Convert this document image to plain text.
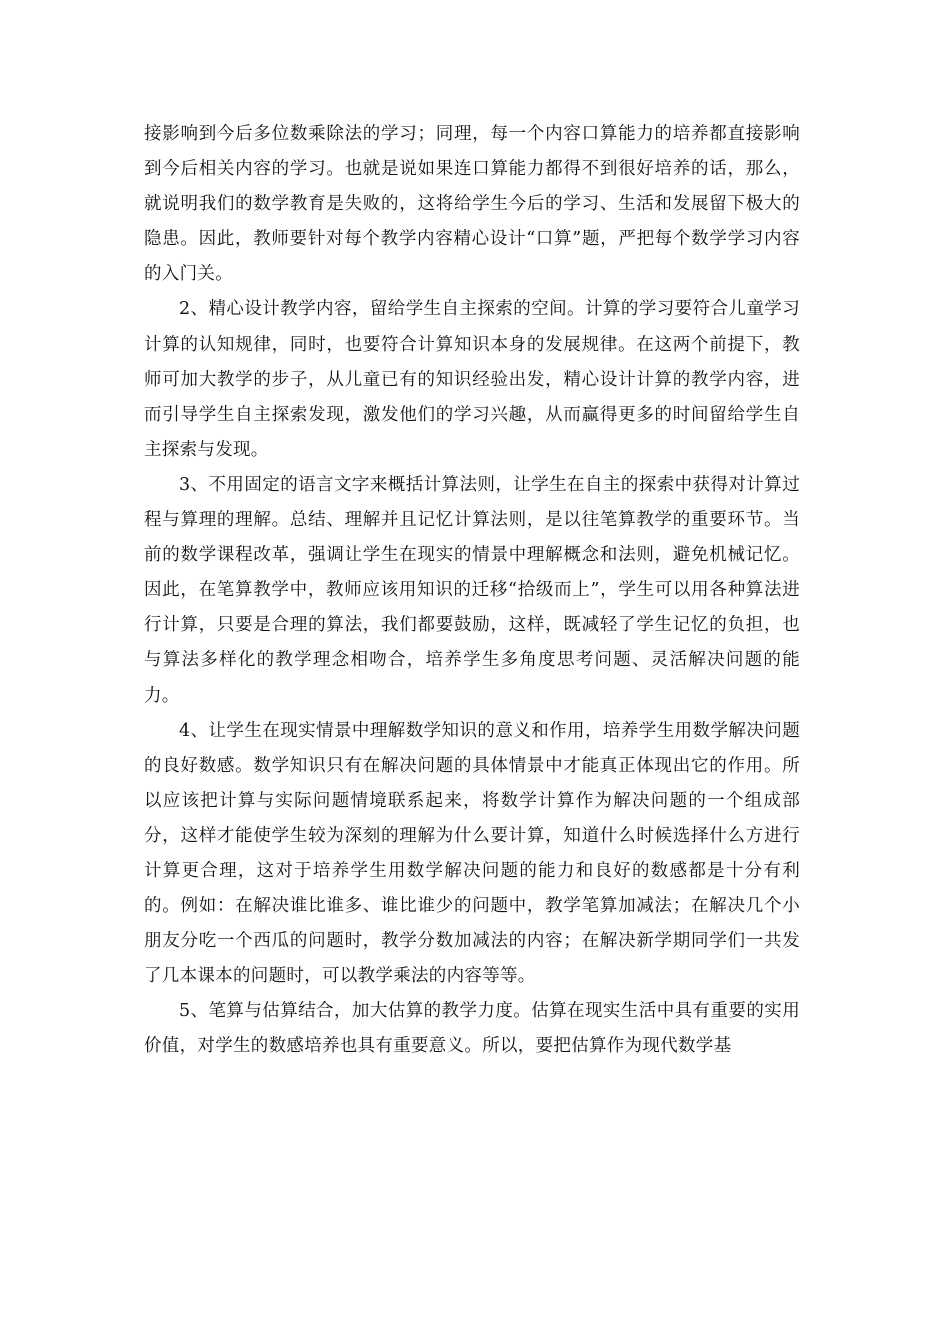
接影响到今后多位数乘除法的学习；同理，每一个内容口算能力的培养都直接影响到今后相关内容的学习。也就是说如果连口算能力都得不到很好培养的话，那么，就说明我们的数学教育是失败的，这将给学生今后的学习、生活和发展留下极大的隐患。因此，教师要针对每个教学内容精心设计“口算”题，严把每个数学学习内容的入门关。

2、精心设计教学内容，留给学生自主探索的空间。计算的学习要符合儿童学习计算的认知规律，同时，也要符合计算知识本身的发展规律。在这两个前提下，教师可加大教学的步子，从儿童已有的知识经验出发，精心设计计算的教学内容，进而引导学生自主探索发现，激发他们的学习兴趣，从而赢得更多的时间留给学生自主探索与发现。

3、不用固定的语言文字来概括计算法则，让学生在自主的探索中获得对计算过程与算理的理解。总结、理解并且记忆计算法则，是以往笔算教学的重要环节。当前的数学课程改革，强调让学生在现实的情景中理解概念和法则，避免机械记忆。因此，在笔算教学中，教师应该用知识的迁移“拾级而上”，学生可以用各种算法进行计算，只要是合理的算法，我们都要鼓励，这样，既减轻了学生记忆的负担，也与算法多样化的教学理念相吻合，培养学生多角度思考问题、灵活解决问题的能力。

4、让学生在现实情景中理解数学知识的意义和作用，培养学生用数学解决问题的良好数感。数学知识只有在解决问题的具体情景中才能真正体现出它的作用。所以应该把计算与实际问题情境联系起来，将数学计算作为解决问题的一个组成部分，这样才能使学生较为深刻的理解为什么要计算，知道什么时候选择什么方进行计算更合理，这对于培养学生用数学解决问题的能力和良好的数感都是十分有利的。例如：在解决谁比谁多、谁比谁少的问题中，教学笔算加减法；在解决几个小朋友分吃一个西瓜的问题时，教学分数加减法的内容；在解决新学期同学们一共发了几本课本的问题时，可以教学乘法的内容等等。

5、笔算与估算结合，加大估算的教学力度。估算在现实生活中具有重要的实用价值，对学生的数感培养也具有重要意义。所以，要把估算作为现代数学基
